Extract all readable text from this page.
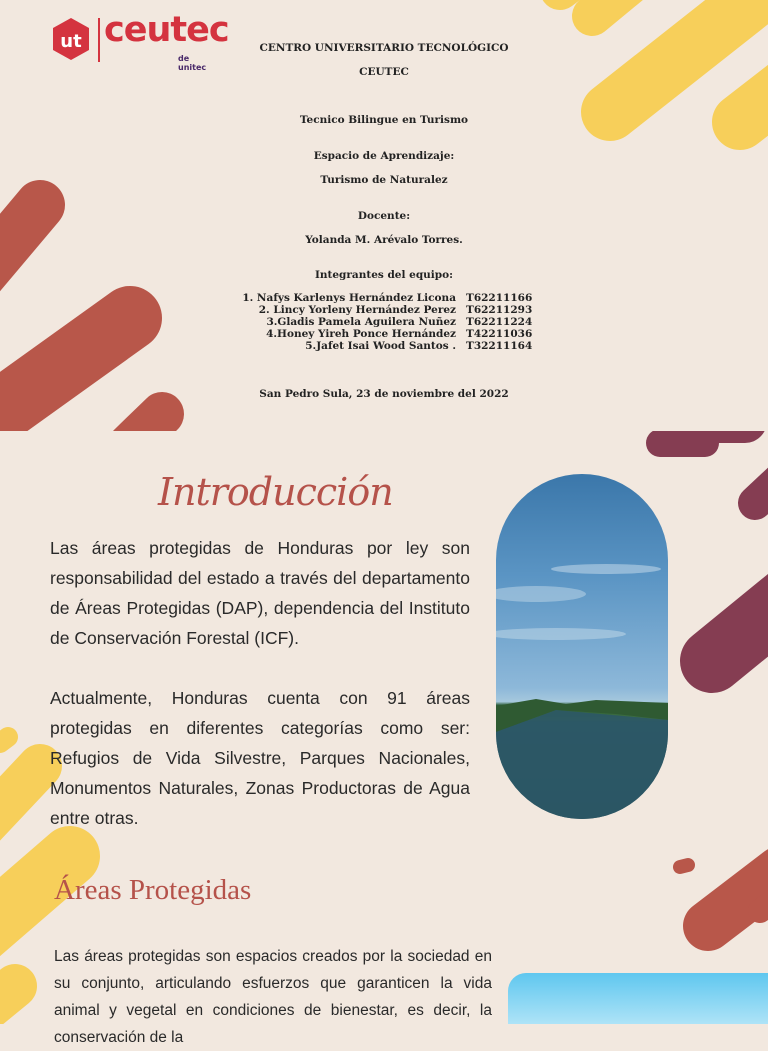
ut ceutec
de unitec
CENTRO UNIVERSITARIO TECNOLÓGICO
CEUTEC
Tecnico Bilingue en Turismo
Espacio de Aprendizaje:
Turismo de Naturalez
Docente:
Yolanda M. Arévalo Torres.
Integrantes del equipo:
1. Nafys Karlenys Hernández Licona T62211166
2. Lincy Yorleny Hernández Perez T62211293
3.Gladis Pamela Aguilera Nuñez T62211224
4.Honey Yireh Ponce Hernández T42211036
5.Jafet Isai Wood Santos . T32211164
San Pedro Sula, 23 de noviembre del 2022
Introducción
Las áreas protegidas de Honduras por ley son responsabilidad del estado a través del departamento de Áreas Protegidas (DAP), dependencia del Instituto de Conservación Forestal (ICF).
Actualmente, Honduras cuenta con 91 áreas protegidas en diferentes categorías como ser: Refugios de Vida Silvestre, Parques Nacionales, Monumentos Naturales, Zonas Productoras de Agua entre otras.
Áreas Protegidas
Las áreas protegidas son espacios creados por la sociedad en su conjunto, articulando esfuerzos que garanticen la vida animal y vegetal en condiciones de bienestar, es decir, la conservación de la
